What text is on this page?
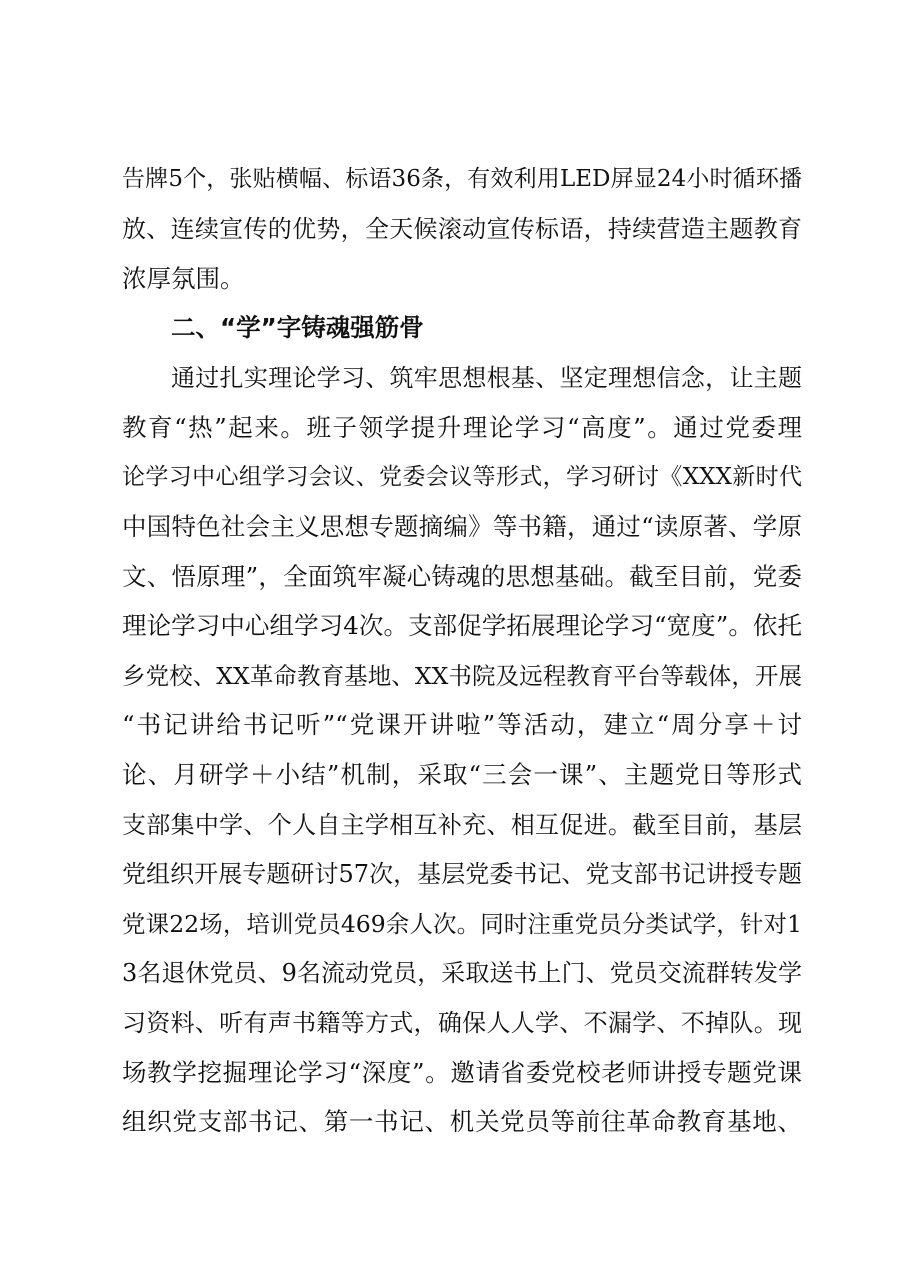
告牌5个，张贴横幅、标语36条，有效利用LED屏显24小时循环播
放、连续宣传的优势，全天候滚动宣传标语，持续营造主题教育
浓厚氛围。
二、“学”字铸魂强筋骨
通过扎实理论学习、筑牢思想根基、坚定理想信念，让主题
教育“热”起来。班子领学提升理论学习“高度”。通过党委理
论学习中心组学习会议、党委会议等形式，学习研讨《XXX新时代
中国特色社会主义思想专题摘编》等书籍，通过“读原著、学原
文、悟原理”，全面筑牢凝心铸魂的思想基础。截至目前，党委
理论学习中心组学习4次。支部促学拓展理论学习“宽度”。依托
乡党校、XX革命教育基地、XX书院及远程教育平台等载体，开展
“书记讲给书记听”“党课开讲啦”等活动，建立“周分享＋讨
论、月研学＋小结”机制，采取“三会一课”、主题党日等形式
支部集中学、个人自主学相互补充、相互促进。截至目前，基层
党组织开展专题研讨57次，基层党委书记、党支部书记讲授专题
党课22场，培训党员469余人次。同时注重党员分类试学，针对1
3名退休党员、9名流动党员，采取送书上门、党员交流群转发学
习资料、听有声书籍等方式，确保人人学、不漏学、不掉队。现
场教学挖掘理论学习“深度”。邀请省委党校老师讲授专题党课
组织党支部书记、第一书记、机关党员等前往革命教育基地、
